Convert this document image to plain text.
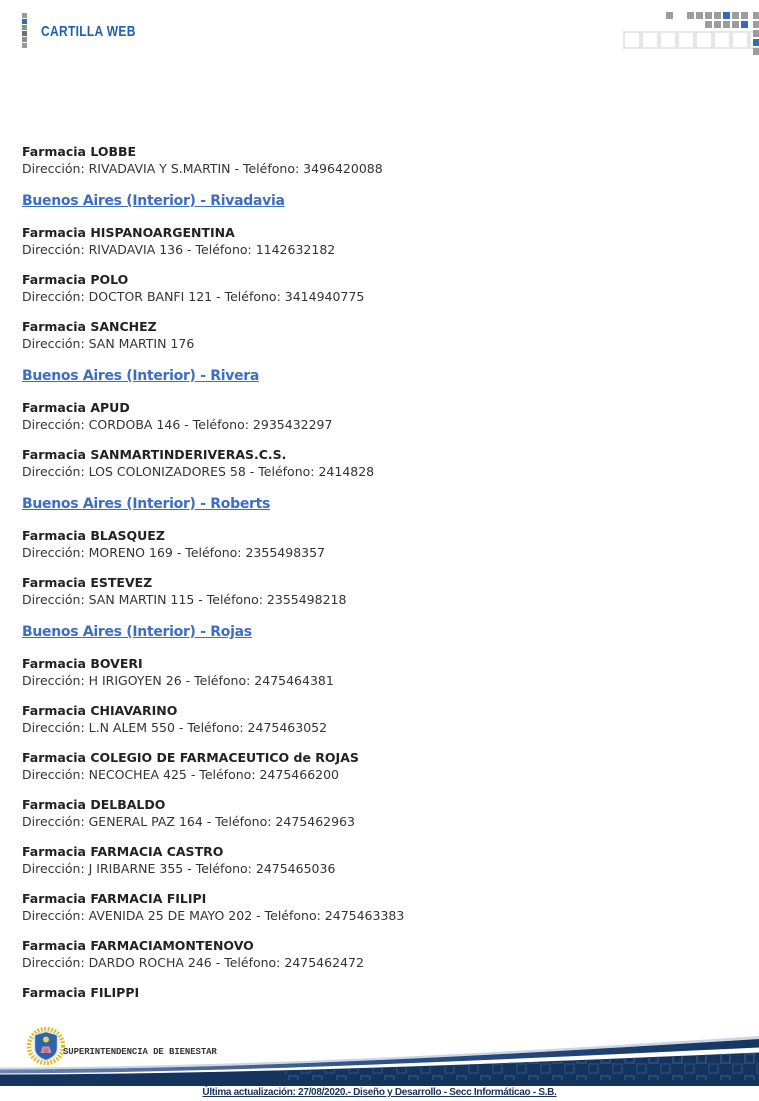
CARTILLA WEB
Farmacia LOBBE
Dirección: RIVADAVIA Y S.MARTIN - Teléfono: 3496420088
Buenos Aires (Interior) - Rivadavia
Farmacia HISPANOARGENTINA
Dirección: RIVADAVIA 136 - Teléfono: 1142632182
Farmacia POLO
Dirección: DOCTOR BANFI 121 - Teléfono: 3414940775
Farmacia SANCHEZ
Dirección: SAN MARTIN 176
Buenos Aires (Interior) - Rivera
Farmacia APUD
Dirección: CORDOBA 146 - Teléfono: 2935432297
Farmacia SANMARTINDERIVERAS.C.S.
Dirección: LOS COLONIZADORES 58 - Teléfono: 2414828
Buenos Aires (Interior) - Roberts
Farmacia BLASQUEZ
Dirección: MORENO 169 - Teléfono: 2355498357
Farmacia ESTEVEZ
Dirección: SAN MARTIN 115 - Teléfono: 2355498218
Buenos Aires (Interior) - Rojas
Farmacia BOVERI
Dirección: H IRIGOYEN 26 - Teléfono: 2475464381
Farmacia CHIAVARINO
Dirección: L.N ALEM 550 - Teléfono: 2475463052
Farmacia COLEGIO DE FARMACEUTICO de ROJAS
Dirección: NECOCHEA 425 - Teléfono: 2475466200
Farmacia DELBALDO
Dirección: GENERAL PAZ 164 - Teléfono: 2475462963
Farmacia FARMACIA CASTRO
Dirección: J IRIBARNE 355 - Teléfono: 2475465036
Farmacia FARMACIA FILIPI
Dirección: AVENIDA 25 DE MAYO 202 - Teléfono: 2475463383
Farmacia FARMACIAMONTENOVO
Dirección: DARDO ROCHA 246 - Teléfono: 2475462472
Farmacia FILIPPI
SUPERINTENDENCIA DE BIENESTAR
Última actualización: 27/08/2020.- Diseño y Desarrollo - Secc Informáticao - S.B.
